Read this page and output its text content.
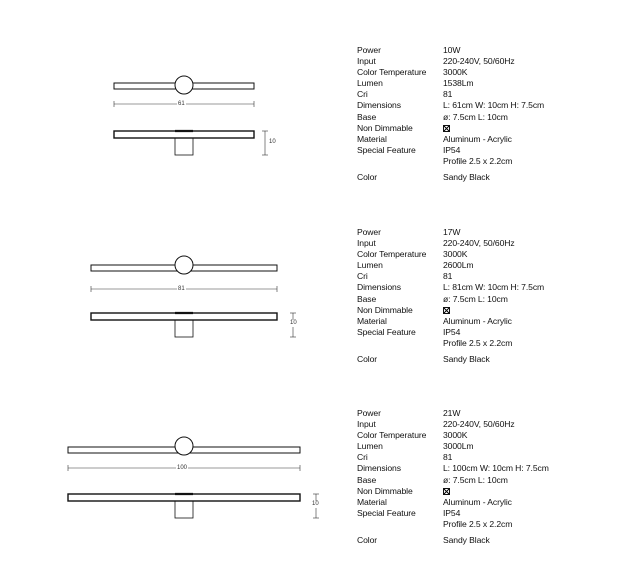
61
10
Power	10W
Input	220-240V, 50/60Hz
Color Temperature	3000K
Lumen	1538Lm
Cri	81
Dimensions	L: 61cm W: 10cm H: 7.5cm
Base	ø: 7.5cm L: 10cm
Non Dimmable
Material	Aluminum - Acrylic
Special Feature	IP54
Profile 2.5 x 2.2cm
Color	Sandy Black
81
10
Power	17W
Input	220-240V, 50/60Hz
Color Temperature	3000K
Lumen	2600Lm
Cri	81
Dimensions	L: 81cm W: 10cm H: 7.5cm
Base	ø: 7.5cm L: 10cm
Non Dimmable
Material	Aluminum - Acrylic
Special Feature	IP54
Profile 2.5 x 2.2cm
Color	Sandy Black
100
10
Power	21W
Input	220-240V, 50/60Hz
Color Temperature	3000K
Lumen	3000Lm
Cri	81
Dimensions	L: 100cm W: 10cm H: 7.5cm
Base	ø: 7.5cm L: 10cm
Non Dimmable
Material	Aluminum - Acrylic
Special Feature	IP54
Profile 2.5 x 2.2cm
Color	Sandy Black
